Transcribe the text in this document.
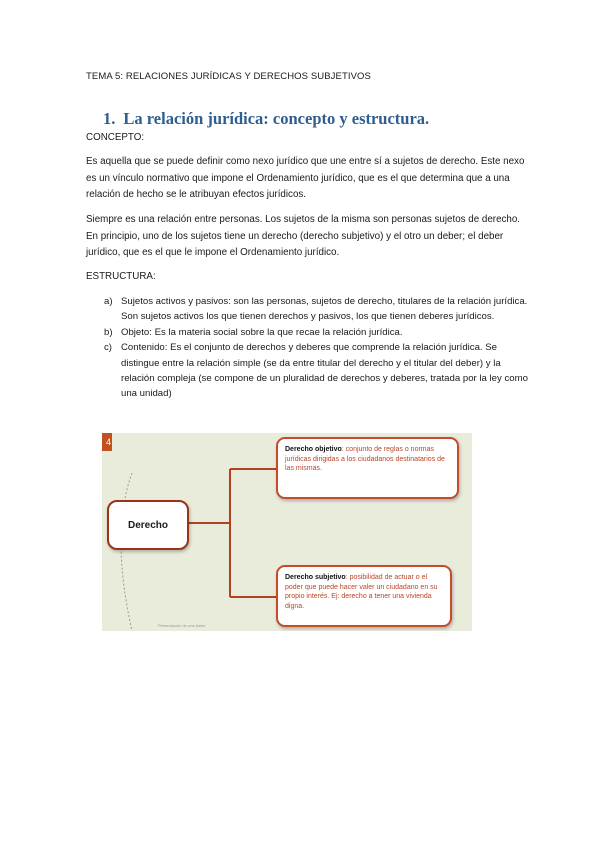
TEMA 5: RELACIONES JURÍDICAS Y DERECHOS SUBJETIVOS
1. La relación jurídica: concepto y estructura.
CONCEPTO:
Es aquella que se puede definir como nexo jurídico que une entre sí a sujetos de derecho. Este nexo es un vínculo normativo que impone el Ordenamiento jurídico, que es el que determina que a una relación de hecho se le atribuyan efectos jurídicos.
Siempre es una relación entre personas. Los sujetos de la misma son personas sujetos de derecho. En principio, uno de los sujetos tiene un derecho (derecho subjetivo) y el otro un deber; el deber jurídico, que es el que le impone el Ordenamiento jurídico.
ESTRUCTURA:
a) Sujetos activos y pasivos: son las personas, sujetos de derecho, titulares de la relación jurídica. Son sujetos activos los que tienen derechos y pasivos, los que tienen deberes jurídicos.
b) Objeto: Es la materia social sobre la que recae la relación jurídica.
c) Contenido: Es el conjunto de derechos y deberes que comprende la relación jurídica. Se distingue entre la relación simple (se da entre titular del derecho y el titular del deber) y la relación compleja (se compone de un pluralidad de derechos y deberes, tratada por la ley como una unidad)
4
Derecho
Derecho objetivo: conjunto de reglas o normas jurídicas dirigidas a los ciudadanos destinatarios de las mismas.
Derecho subjetivo: posibilidad de actuar o el poder que puede hacer valer un ciudadano en su propio interés. Ej: derecho a tener una vivienda digna.
Presentación de una leeke
